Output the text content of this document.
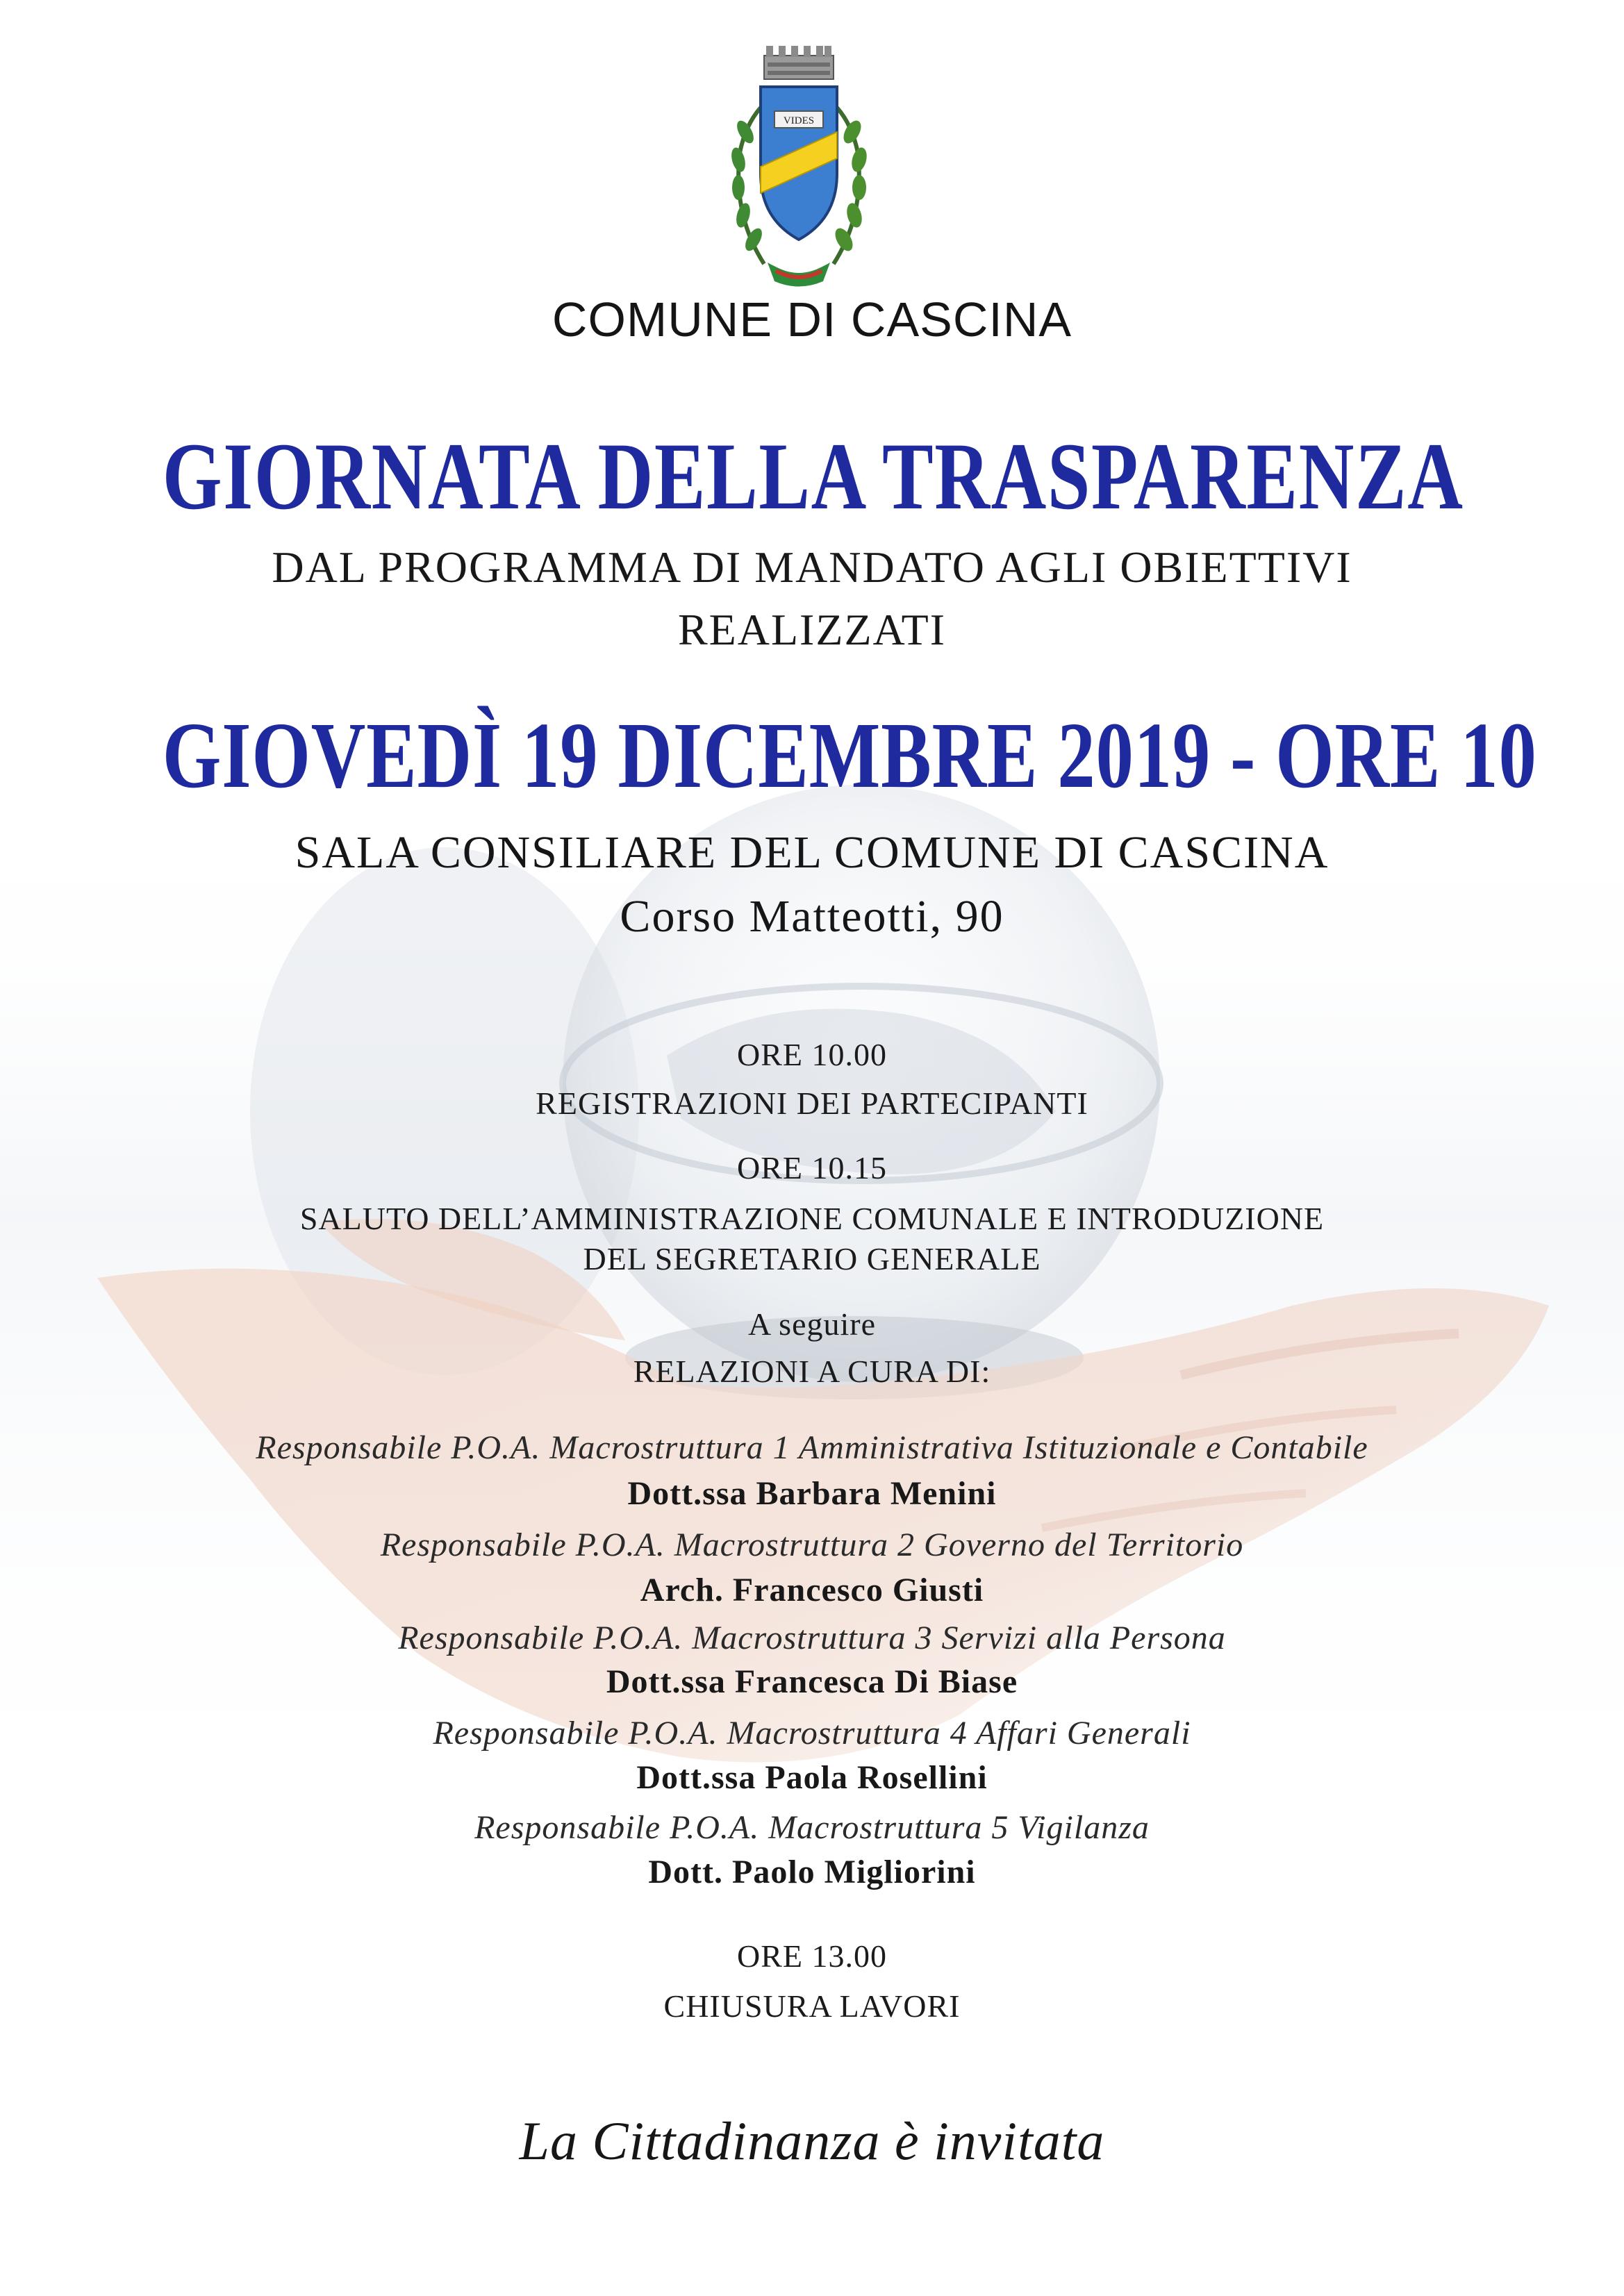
VIDES
COMUNE DI CASCINA
GIORNATA DELLA TRASPARENZA
DAL PROGRAMMA DI MANDATO AGLI OBIETTIVI
REALIZZATI
GIOVEDÌ 19 DICEMBRE 2019 - ORE 10
SALA CONSILIARE DEL COMUNE DI CASCINA
Corso Matteotti, 90
ORE 10.00
REGISTRAZIONI DEI PARTECIPANTI
ORE 10.15
SALUTO DELL’AMMINISTRAZIONE COMUNALE E INTRODUZIONE
DEL SEGRETARIO GENERALE
A seguire
RELAZIONI A CURA DI:
Responsabile P.O.A. Macrostruttura 1 Amministrativa Istituzionale e Contabile
Dott.ssa Barbara Menini
Responsabile P.O.A. Macrostruttura 2 Governo del Territorio
Arch. Francesco Giusti
Responsabile P.O.A. Macrostruttura 3 Servizi alla Persona
Dott.ssa Francesca Di Biase
Responsabile P.O.A. Macrostruttura 4 Affari Generali
Dott.ssa Paola Rosellini
Responsabile P.O.A. Macrostruttura 5 Vigilanza
Dott. Paolo Migliorini
ORE 13.00
CHIUSURA LAVORI
La Cittadinanza è invitata
